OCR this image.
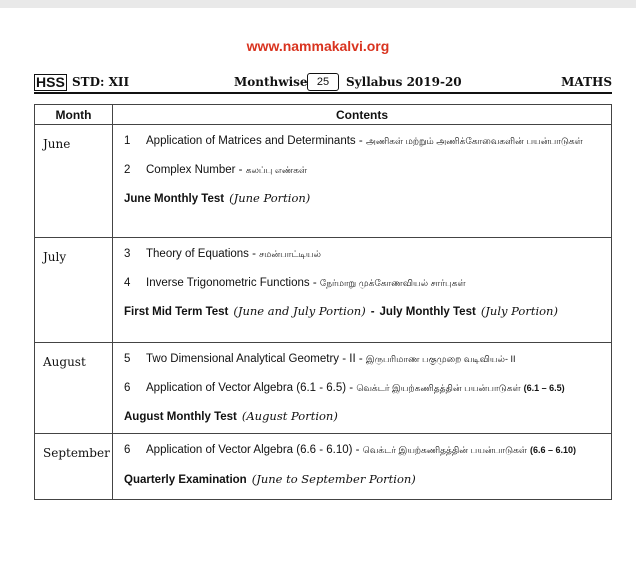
www.nammakalvi.org
HSS STD: XII	Monthwise 25	Syllabus 2019-20	MATHS
Month	Contents
June	1 Application of Matrices and Determinants - அணிகள் மற்றும் அணிக்கோவைகளின் பயன்பாடுகள்
2 Complex Number - கலப்பு எண்கள்
June Monthly Test (June Portion)

July	3 Theory of Equations - சமன்பாட்டியல்
4 Inverse Trigonometric Functions - நேர்மாறு முக்கோணவியல் சார்புகள்
First Mid Term Test (June and July Portion) - July Monthly Test (July Portion)

August	5 Two Dimensional Analytical Geometry - II - இருபரிமாண பகுமுறை வடிவியல்- II
6 Application of Vector Algebra (6.1 - 6.5) - வெக்டர் இயற்கணிதத்தின் பயன்பாடுகள் (6.1 – 6.5)
August Monthly Test (August Portion)

September	6 Application of Vector Algebra (6.6 - 6.10) - வெக்டர் இயற்கணிதத்தின் பயன்பாடுகள் (6.6 – 6.10)
Quarterly Examination (June to September Portion)
